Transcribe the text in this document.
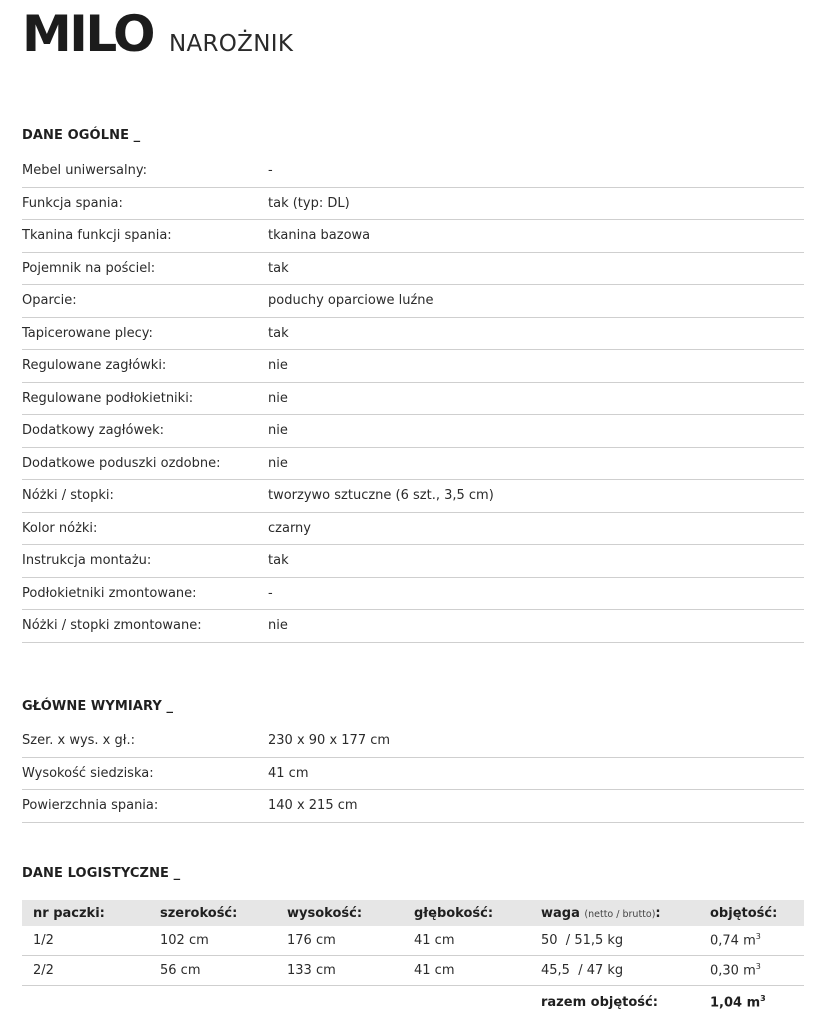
MILO NAROŻNIK
DANE OGÓLNE _
Mebel uniwersalny:	-
Funkcja spania:	tak (typ: DL)
Tkanina funkcji spania:	tkanina bazowa
Pojemnik na pościel:	tak
Oparcie:	poduchy oparciowe luźne
Tapicerowane plecy:	tak
Regulowane zagłówki:	nie
Regulowane podłokietniki:	nie
Dodatkowy zagłówek:	nie
Dodatkowe poduszki ozdobne:	nie
Nóżki / stopki:	tworzywo sztuczne (6 szt., 3,5 cm)
Kolor nóżki:	czarny
Instrukcja montażu:	tak
Podłokietniki zmontowane:	-
Nóżki / stopki zmontowane:	nie
GŁÓWNE WYMIARY _
Szer. x wys. x gł.:	230 x 90 x 177 cm
Wysokość siedziska:	41 cm
Powierzchnia spania:	140 x 215 cm
DANE LOGISTYCZNE _
nr paczki:	szerokość:	wysokość:	głębokość:	waga (netto / brutto):	objętość:
1/2	102 cm	176 cm	41 cm	50  / 51,5 kg	0,74 $m^3$
2/2	56 cm	133 cm	41 cm	45,5  / 47 kg	0,30 $m^3$
razem objętość:	1,04 $m^3$
